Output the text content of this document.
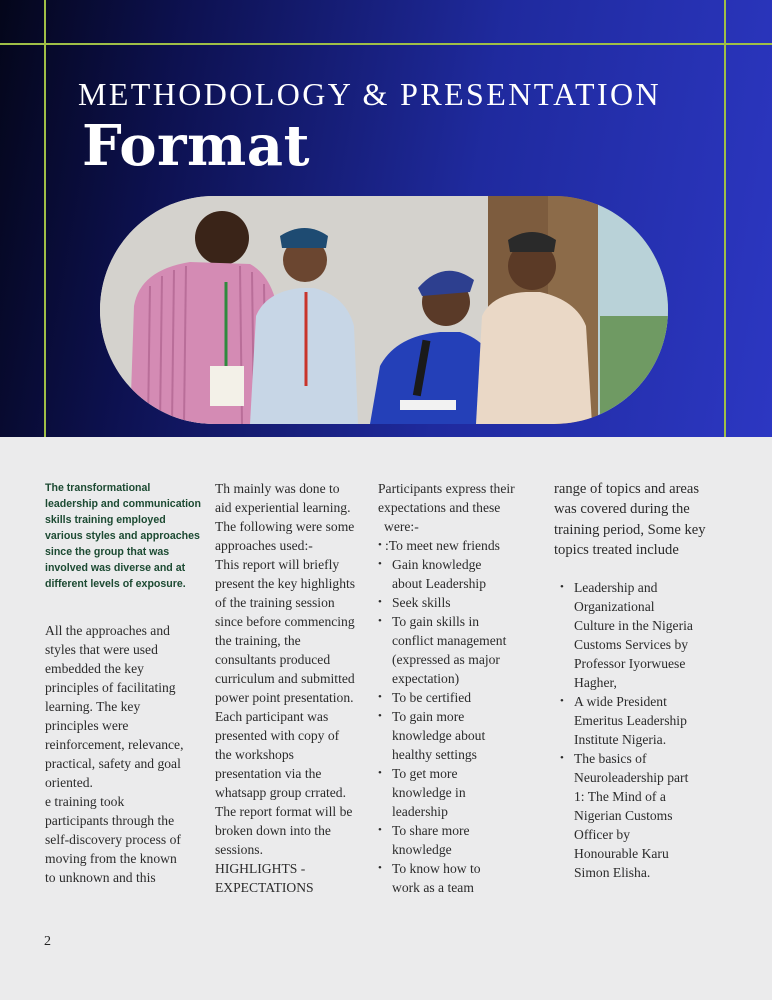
METHODOLOGY & PRESENTATION
Format
The transformational leadership and communication skills training employed various styles and approaches since the group that was involved was diverse and at different levels of exposure.
All the approaches and
styles that were used
embedded the key
principles of facilitating
learning. The key
principles were
reinforcement, relevance,
practical, safety and goal
oriented.
e training took
participants through the
self-discovery process of
moving from the known
to unknown and this
Th mainly was done to
aid experiential learning.
The following were some
approaches used:-
This report will briefly
present the key highlights
of the training session
since before commencing
the training, the
consultants produced
curriculum and submitted
power point presentation.
Each participant was
presented with copy of
the workshops
presentation via the
whatsapp group crrated.
The report format will be
broken down into the
sessions.
HIGHLIGHTS -
EXPECTATIONS
Participants express their
expectations and these
were:-
• :To meet new friends
• Gain knowledge
about Leadership
• Seek skills
• To gain skills in
conflict management
(expressed as major
expectation)
• To be certified
• To gain more
knowledge about
healthy settings
• To get more
knowledge in
leadership
• To share more
knowledge
• To know how to
work as a team
range of topics and areas
was covered during the
training period, Some key
topics treated include
• Leadership and
Organizational
Culture in the Nigeria
Customs Services by
Professor Iyorwuese
Hagher,
• A wide President
Emeritus Leadership
Institute Nigeria.
• The basics of
Neuroleadership part
1: The Mind of a
Nigerian Customs
Officer by
Honourable Karu
Simon Elisha.
2
